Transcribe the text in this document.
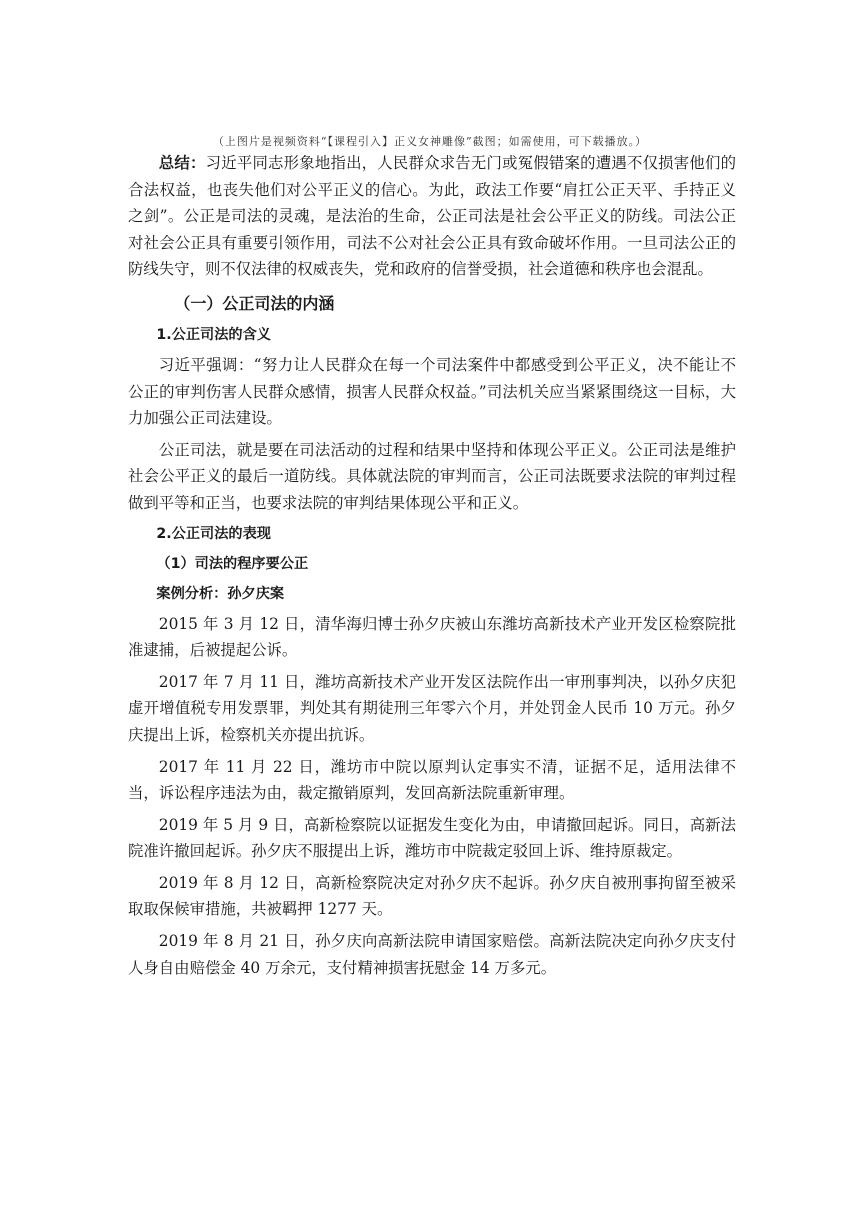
（上图片是视频资料“【课程引入】正义女神雕像”截图；如需使用，可下载播放。）

总结：习近平同志形象地指出，人民群众求告无门或冤假错案的遭遇不仅损害他们的合法权益，也丧失他们对公平正义的信心。为此，政法工作要“肩扛公正天平、手持正义之剑”。公正是司法的灵魂，是法治的生命，公正司法是社会公平正义的防线。司法公正对社会公正具有重要引领作用，司法不公对社会公正具有致命破坏作用。一旦司法公正的防线失守，则不仅法律的权威丧失，党和政府的信誉受损，社会道德和秩序也会混乱。

（一）公正司法的内涵

1.公正司法的含义

习近平强调：“努力让人民群众在每一个司法案件中都感受到公平正义，决不能让不公正的审判伤害人民群众感情，损害人民群众权益。”司法机关应当紧紧围绕这一目标，大力加强公正司法建设。

公正司法，就是要在司法活动的过程和结果中坚持和体现公平正义。公正司法是维护社会公平正义的最后一道防线。具体就法院的审判而言，公正司法既要求法院的审判过程做到平等和正当，也要求法院的审判结果体现公平和正义。

2.公正司法的表现

（1）司法的程序要公正

案例分析：孙夕庆案

2015 年 3 月 12 日，清华海归博士孙夕庆被山东潍坊高新技术产业开发区检察院批准逮捕，后被提起公诉。

2017 年 7 月 11 日，潍坊高新技术产业开发区法院作出一审刑事判决，以孙夕庆犯虚开增值税专用发票罪，判处其有期徒刑三年零六个月，并处罚金人民币 10 万元。孙夕庆提出上诉，检察机关亦提出抗诉。

2017 年 11 月 22 日，潍坊市中院以原判认定事实不清，证据不足，适用法律不当，诉讼程序违法为由，裁定撤销原判，发回高新法院重新审理。

2019 年 5 月 9 日，高新检察院以证据发生变化为由，申请撤回起诉。同日，高新法院准许撤回起诉。孙夕庆不服提出上诉，潍坊市中院裁定驳回上诉、维持原裁定。

2019 年 8 月 12 日，高新检察院决定对孙夕庆不起诉。孙夕庆自被刑事拘留至被采取取保候审措施，共被羁押 1277 天。

2019 年 8 月 21 日，孙夕庆向高新法院申请国家赔偿。高新法院决定向孙夕庆支付人身自由赔偿金 40 万余元，支付精神损害抚慰金 14 万多元。
